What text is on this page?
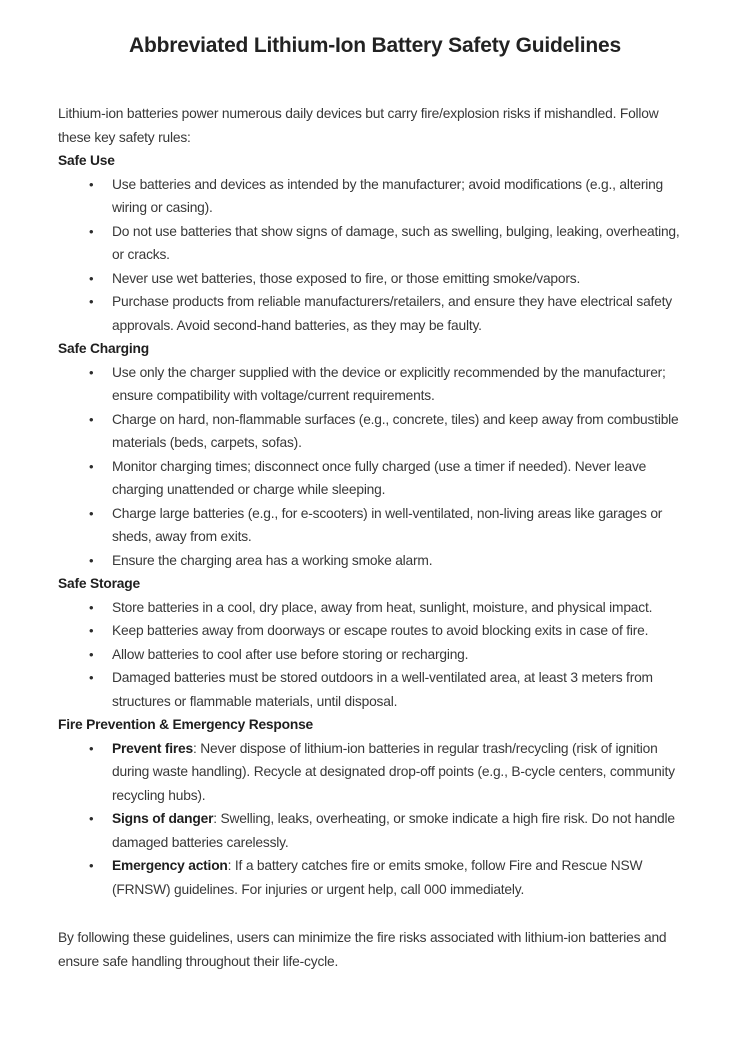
Abbreviated Lithium-Ion Battery Safety Guidelines

Lithium-ion batteries power numerous daily devices but carry fire/explosion risks if mishandled. Follow these key safety rules:

Safe Use

• Use batteries and devices as intended by the manufacturer; avoid modifications (e.g., altering wiring or casing).
• Do not use batteries that show signs of damage, such as swelling, bulging, leaking, overheating, or cracks.
• Never use wet batteries, those exposed to fire, or those emitting smoke/vapors.
• Purchase products from reliable manufacturers/retailers, and ensure they have electrical safety approvals. Avoid second-hand batteries, as they may be faulty.

Safe Charging

• Use only the charger supplied with the device or explicitly recommended by the manufacturer; ensure compatibility with voltage/current requirements.
• Charge on hard, non-flammable surfaces (e.g., concrete, tiles) and keep away from combustible materials (beds, carpets, sofas).
• Monitor charging times; disconnect once fully charged (use a timer if needed). Never leave charging unattended or charge while sleeping.
• Charge large batteries (e.g., for e-scooters) in well-ventilated, non-living areas like garages or sheds, away from exits.
• Ensure the charging area has a working smoke alarm.

Safe Storage

• Store batteries in a cool, dry place, away from heat, sunlight, moisture, and physical impact.
• Keep batteries away from doorways or escape routes to avoid blocking exits in case of fire.
• Allow batteries to cool after use before storing or recharging.
• Damaged batteries must be stored outdoors in a well-ventilated area, at least 3 meters from structures or flammable materials, until disposal.

Fire Prevention & Emergency Response

• Prevent fires: Never dispose of lithium-ion batteries in regular trash/recycling (risk of ignition during waste handling). Recycle at designated drop-off points (e.g., B-cycle centers, community recycling hubs).
• Signs of danger: Swelling, leaks, overheating, or smoke indicate a high fire risk. Do not handle damaged batteries carelessly.
• Emergency action: If a battery catches fire or emits smoke, follow Fire and Rescue NSW (FRNSW) guidelines. For injuries or urgent help, call 000 immediately.

By following these guidelines, users can minimize the fire risks associated with lithium-ion batteries and ensure safe handling throughout their life-cycle.
